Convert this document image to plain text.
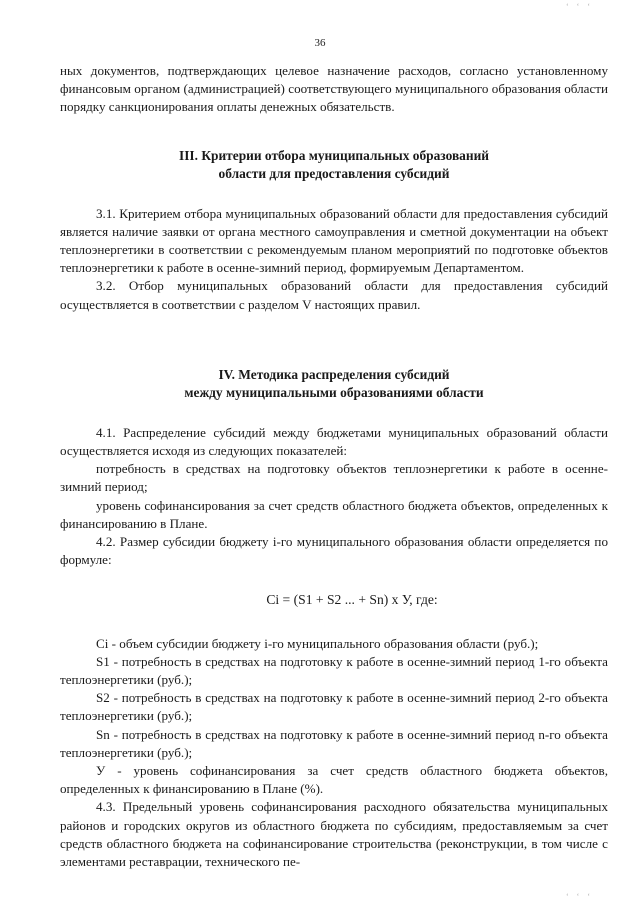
36

ных документов, подтверждающих целевое назначение расходов, согласно установленному финансовым органом (администрацией) соответствующего муниципального образования области порядку санкционирования оплаты денежных обязательств.

III. Критерии отбора муниципальных образований
области для предоставления субсидий

3.1. Критерием отбора муниципальных образований области для предоставления субсидий является наличие заявки от органа местного самоуправления и сметной документации на объект теплоэнергетики в соответствии с рекомендуемым планом мероприятий по подготовке объектов теплоэнергетики к работе в осенне-зимний период, формируемым Департаментом.

3.2. Отбор муниципальных образований области для предоставления субсидий осуществляется в соответствии с разделом V настоящих правил.

IV. Методика распределения субсидий
между муниципальными образованиями области

4.1. Распределение субсидий между бюджетами муниципальных образований области осуществляется исходя из следующих показателей:

потребность в средствах на подготовку объектов теплоэнергетики к работе в осенне-зимний период;

уровень софинансирования за счет средств областного бюджета объектов, определенных к финансированию в Плане.

4.2. Размер субсидии бюджету i-го муниципального образования области определяется по формуле:

Ci = (S1 + S2 ... + Sn) x У, где:

Ci - объем субсидии бюджету i-го муниципального образования области (руб.);

S1 - потребность в средствах на подготовку к работе в осенне-зимний период 1-го объекта теплоэнергетики (руб.);

S2 - потребность в средствах на подготовку к работе в осенне-зимний период 2-го объекта теплоэнергетики (руб.);

Sn - потребность в средствах на подготовку к работе в осенне-зимний период n-го объекта теплоэнергетики (руб.);

У - уровень софинансирования за счет средств областного бюджета объектов, определенных к финансированию в Плане (%).

4.3. Предельный уровень софинансирования расходного обязательства муниципальных районов и городских округов из областного бюджета по субсидиям, предоставляемым за счет средств областного бюджета на софинансирование строительства (реконструкции, в том числе с элементами реставрации, технического пе-

‘ ‘ ‘
‘ ‘ ‘
